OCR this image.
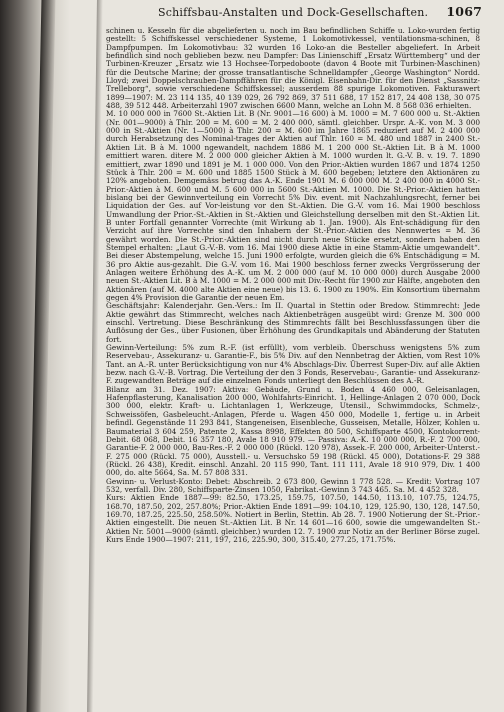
Schiffsbau-Anstalten und Dock-Gesellschaften. 1067

schinen u. Kesseln für die abgelieferten u. noch im Bau befindlichen Schiffe u. Loko-wurden fertig gestellt: 5 Schiffskessel verschiedener Systeme, 1 Lokomotivkessel, ventilationsma-schinen, 8 Dampfpumpen. Im Lokomotivbau: 32 wurden 16 Loko-an die Besteller abgeliefert. In Arbeit befindlich sind noch geblieben bezw. neu Dampfer: Das Linienschiff „Ersatz Württemberg“ und der Turbinen-Kreuzer „Ersatz wie 13 Hochsee-Torpedoboote (davon 4 Boote mit Turbinen-Maschinen) für die Deutsche Marine; der grosse transatlantische Schnelldampfer „George Washington“ Nordd. Lloyd; zwei Doppelschrauben-Dampffähren für die Königl. Eisenbahn-Dir. für den Dienst „Sassnitz-Trelleborg“, sowie verschiedene Schiffskessel; ausserdem 88 spurige Lokomotiven. Fakturawert 1899—1907: M. 23 114 135, 40 139 029, 26 792 869, 37 511 688, 17 152 817, 24 408 138, 30 075 488, 39 512 448. Arbeiterzahl 1907 zwischen 6600 Mann, welche an Lohn M. 8 568 036 erhielten.

M. 10 000 000 in 7600 St.-Aktien Lit. B (Nr. 9001—16 600) à M. 1000 = M. 7 600 000 u. St.-Aktien (Nr. 001—9000) à Thlr. 200 = M. 600 = M. 2 400 000, sämtl. gleichber. Urspr. A.-K. von M. 3 000 000 in St.-Aktien (Nr. 1—5000) à Thlr. 200 = M. 600 im Jahre 1865 reduziert auf M. 2 400 000 durch Herabsetzung des Nominal-trages der Aktien auf Thlr. 160 = M. 480 und 1887 in 2400 St.-Aktien Lit. B à M. 1000 ngewandelt, nachdem 1886 M. 1 200 000 St.-Aktien Lit. B à M. 1000 emittiert waren. ditere M. 2 000 000 gleicher Aktien à M. 1000 wurden lt. G.-V. B. v. 19. 7. 1890 emittiert, zwar 1890 und 1891 je M. 1 000 000. Von den Prior.-Aktien wurden 1867 und 1874 1250 Stück à Thlr. 200 = M. 600 und 1885 1500 Stück à M. 600 begeben; letztere den Aktionären zu 120% angeboten. Demgemäss betrug das A.-K. Ende 1901 M. 6 000 000 M. 2 400 000 in 4000 St.-Prior.-Aktien à M. 600 und M. 5 600 000 in 5600 St.-Aktien M. 1000. Die St.-Prior.-Aktien hatten bislang bei der Gewinnverteilung ein Vorrecht 5% Div. event. mit Nachzahlungsrecht, ferner bei Liquidation der Ges. auf Vor-leistung vor den St.-Aktien. Die G.-V. vom 16. Mai 1900 beschloss Umwandlung der Prior.-St.-Aktien in St.-Aktien und Gleichstellung derselben mit den St.-Aktien Lit. B unter Fortfall genannter Vorrechte (mit Wirkung ab 1. Jan. 1900). Als Ent-schädigung für den Verzicht auf ihre Vorrechte sind den Inhabern der St.-Prior.-Aktien des Nennwertes = M. 36 gewährt worden. Die St.-Prior.-Aktien sind nicht durch neue Stücke ersetzt, sondern haben den Stempel erhalten: „Laut G.-V.-B. vom 16. Mai 1900 diese Aktie in eine Stamm-Aktie umgewandelt“. Bei dieser Abstempelung, welche 15. Juni 1900 erfolgte, wurden gleich die 6% Entschädigung = M. 36 pro Aktie aus-gezahlt. Die G.-V. vom 16. Mai 1900 beschloss ferner zwecks Vergrösserung der Anlagen weitere Erhöhung des A.-K. um M. 2 000 000 (auf M. 10 000 000) durch Ausgabe 2000 neuen St.-Aktien Lit. B à M. 1000 = M. 2 000 000 mit Div.-Recht für 1900 zur Hälfte, angeboten den Aktionären (auf M. 4000 alte Aktien eine neue) bis 13. 6. 1900 zu 190%. Ein Konsortium übernahm gegen 4% Provision die Garantie der neuen Em.

Geschäftsjahr: Kalenderjahr. Gen.-Vers.: Im II. Quartal in Stettin oder Bredow. Stimmrecht: Jede Aktie gewährt das Stimmrecht, welches nach Aktienbeträgen ausgeübt wird: Grenze M. 300 000 einschl. Vertretung. Diese Beschränkung des Stimmrechts fällt bei Beschlussfassungen über die Auflösung der Ges., über Fusionen, über Erhöhung des Grundkapitals und Abänderung der Statuten fort.

Gewinn-Verteilung: 5% zum R.-F. (ist erfüllt), vom verbleib. Überschuss wenigstens 5% zum Reservebau-, Assekuranz- u. Garantie-F., bis 5% Div. auf den Nennbetrag der Aktien, vom Rest 10% Tant. an A.-R. unter Berücksichtigung von nur 4% Abschlags-Div. Überrest Super-Div. auf alle Aktien bezw. nach G.-V.-B. Vortrag. Die Verteilung der den 3 Fonds, Reservebau-, Garantie- und Assekuranz-F. zugewandten Beträge auf die einzelnen Fonds unterliegt den Beschlüssen des A.-R.

Bilanz am 31. Dez. 1907: Aktiva: Gebäude, Grund u. Boden 4 460 000, Geleisanlagen, Hafenpflasterung, Kanalisation 200 000, Wohlfahrts-Einricht. 1, Hellinge-Anlagen 2 070 000, Dock 300 000, elektr. Kraft- u. Lichtanlagen 1, Werkzeuge, Utensil., Schwimmdocks, Schmelz-, Schweissöfen, Gasbeleucht.-Anlagen, Pferde u. Wagen 450 000, Modelle 1, fertige u. in Arbeit befindl. Gegenstände 11 293 841, Stangeneisen, Eisenbleche, Gusseisen, Metalle, Hölzer, Kohlen u. Baumaterial 3 604 259, Patente 2, Kassa 8998, Effekten 80 500, Schiffsparte 4500, Kontokorrent-Debit. 68 068, Debit. 16 357 180, Avale 18 910 979. — Passiva: A.-K. 10 000 000, R.-F. 2 700 000, Garantie-F. 2 000 000, Bau-Res.-F. 2 000 000 (Rückl. 120 978), Assek.-F. 200 000, Arbeiter-Unterst.-F. 275 000 (Rückl. 75 000), Ausstell.- u. Versuchsko 59 198 (Rückl. 45 000), Dotations-F. 29 388 (Rückl. 26 438), Kredit. einschl. Anzahl. 20 115 990, Tant. 111 111, Avale 18 910 979, Div. 1 400 000, do. alte 5664, Sa. M. 57 808 331.

Gewinn- u. Verlust-Konto: Debet: Abschreib. 2 673 800, Gewinn 1 778 528. — Kredit: Vortrag 107 532, verfall. Div. 280, Schiffsparte-Zinsen 1050, Fabrikat.-Gewinn 3 743 465. Sa. M. 4 452 328.

Kurs: Aktien Ende 1887—99: 82.50, 173.25, 159.75, 107.50, 144.50, 113.10, 107.75, 124.75, 168.70, 187.50, 202, 257.80%; Prior.-Aktien Ende 1891—99: 104.10, 129, 125.90, 130, 128, 147.50, 169.70, 187.25, 225.50, 258.50%. Notiert in Berlin, Stettin. Ab 28. 7. 1900 Notierung der St.-Prior.-Aktien eingestellt. Die neuen St.-Aktien Lit. B Nr. 14 601—16 600, sowie die umgewandelten St.-Aktien Nr. 5001—9000 (sämtl. gleichber.) wurden 12. 7. 1900 zur Notiz an der Berliner Börse zugel. Kurs Ende 1900—1907: 211, 197, 216, 225.90, 300, 315.40, 277.25, 171.75%.
